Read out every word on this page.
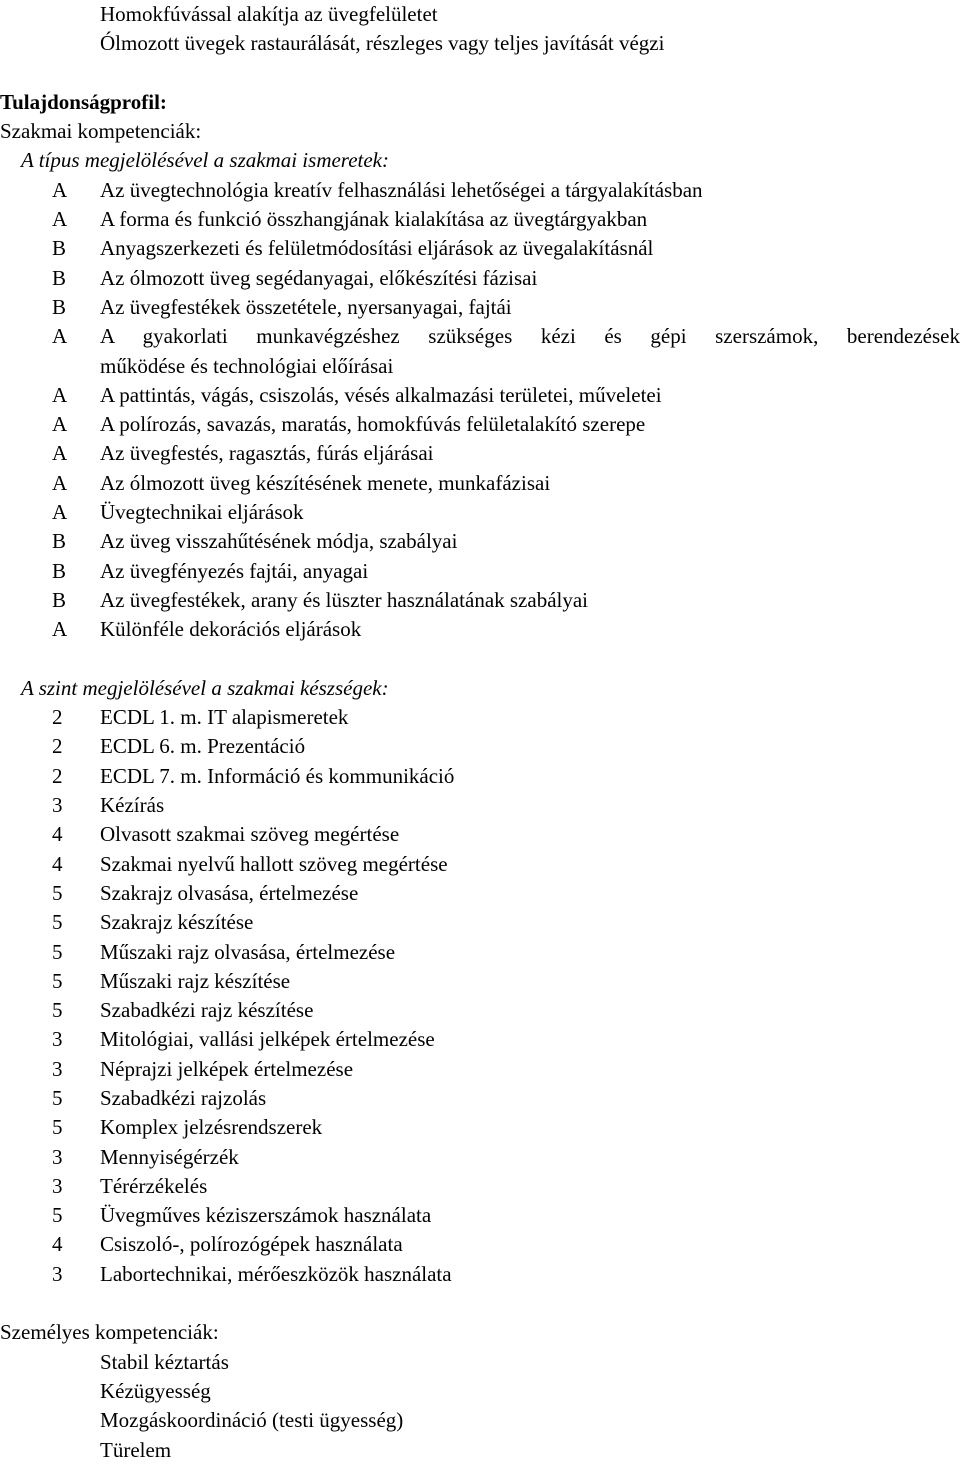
Homokfúvással alakítja az üvegfelületet
Ólmozott üvegek rastaurálását, részleges vagy teljes javítását végzi
Tulajdonságprofil:
Szakmai kompetenciák:
A típus megjelölésével a szakmai ismeretek:
A	Az üvegtechnológia kreatív felhasználási lehetőségei a tárgyalakításban
A	A forma és funkció összhangjának kialakítása az üvegtárgyakban
B	Anyagszerkezeti és felületmódosítási eljárások az üvegalakításnál
B	Az ólmozott üveg segédanyagai, előkészítési fázisai
B	Az üvegfestékek összetétele, nyersanyagai, fajtái
A	A gyakorlati munkavégzéshez szükséges kézi és gépi szerszámok, berendezések
működése és technológiai előírásai
A	A pattintás, vágás, csiszolás, vésés alkalmazási területei, műveletei
A	A polírozás, savazás, maratás, homokfúvás felületalakító szerepe
A	Az üvegfestés, ragasztás, fúrás eljárásai
A	Az ólmozott üveg készítésének menete, munkafázisai
A	Üvegtechnikai eljárások
B	Az üveg visszahűtésének módja, szabályai
B	Az üvegfényezés fajtái, anyagai
B	Az üvegfestékek, arany és lüszter használatának szabályai
A	Különféle dekorációs eljárások
A szint megjelölésével a szakmai készségek:
2	ECDL 1. m. IT alapismeretek
2	ECDL 6. m. Prezentáció
2	ECDL 7. m. Információ és kommunikáció
3	Kézírás
4	Olvasott szakmai szöveg megértése
4	Szakmai nyelvű hallott szöveg megértése
5	Szakrajz olvasása, értelmezése
5	Szakrajz készítése
5	Műszaki rajz olvasása, értelmezése
5	Műszaki rajz készítése
5	Szabadkézi rajz készítése
3	Mitológiai, vallási jelképek értelmezése
3	Néprajzi jelképek értelmezése
5	Szabadkézi rajzolás
5	Komplex jelzésrendszerek
3	Mennyiségérzék
3	Térérzékelés
5	Üvegműves kéziszerszámok használata
4	Csiszoló-, polírozógépek használata
3	Labortechnikai, mérőeszközök használata
Személyes kompetenciák:
Stabil kéztartás
Kézügyesség
Mozgáskoordináció (testi ügyesség)
Türelem
